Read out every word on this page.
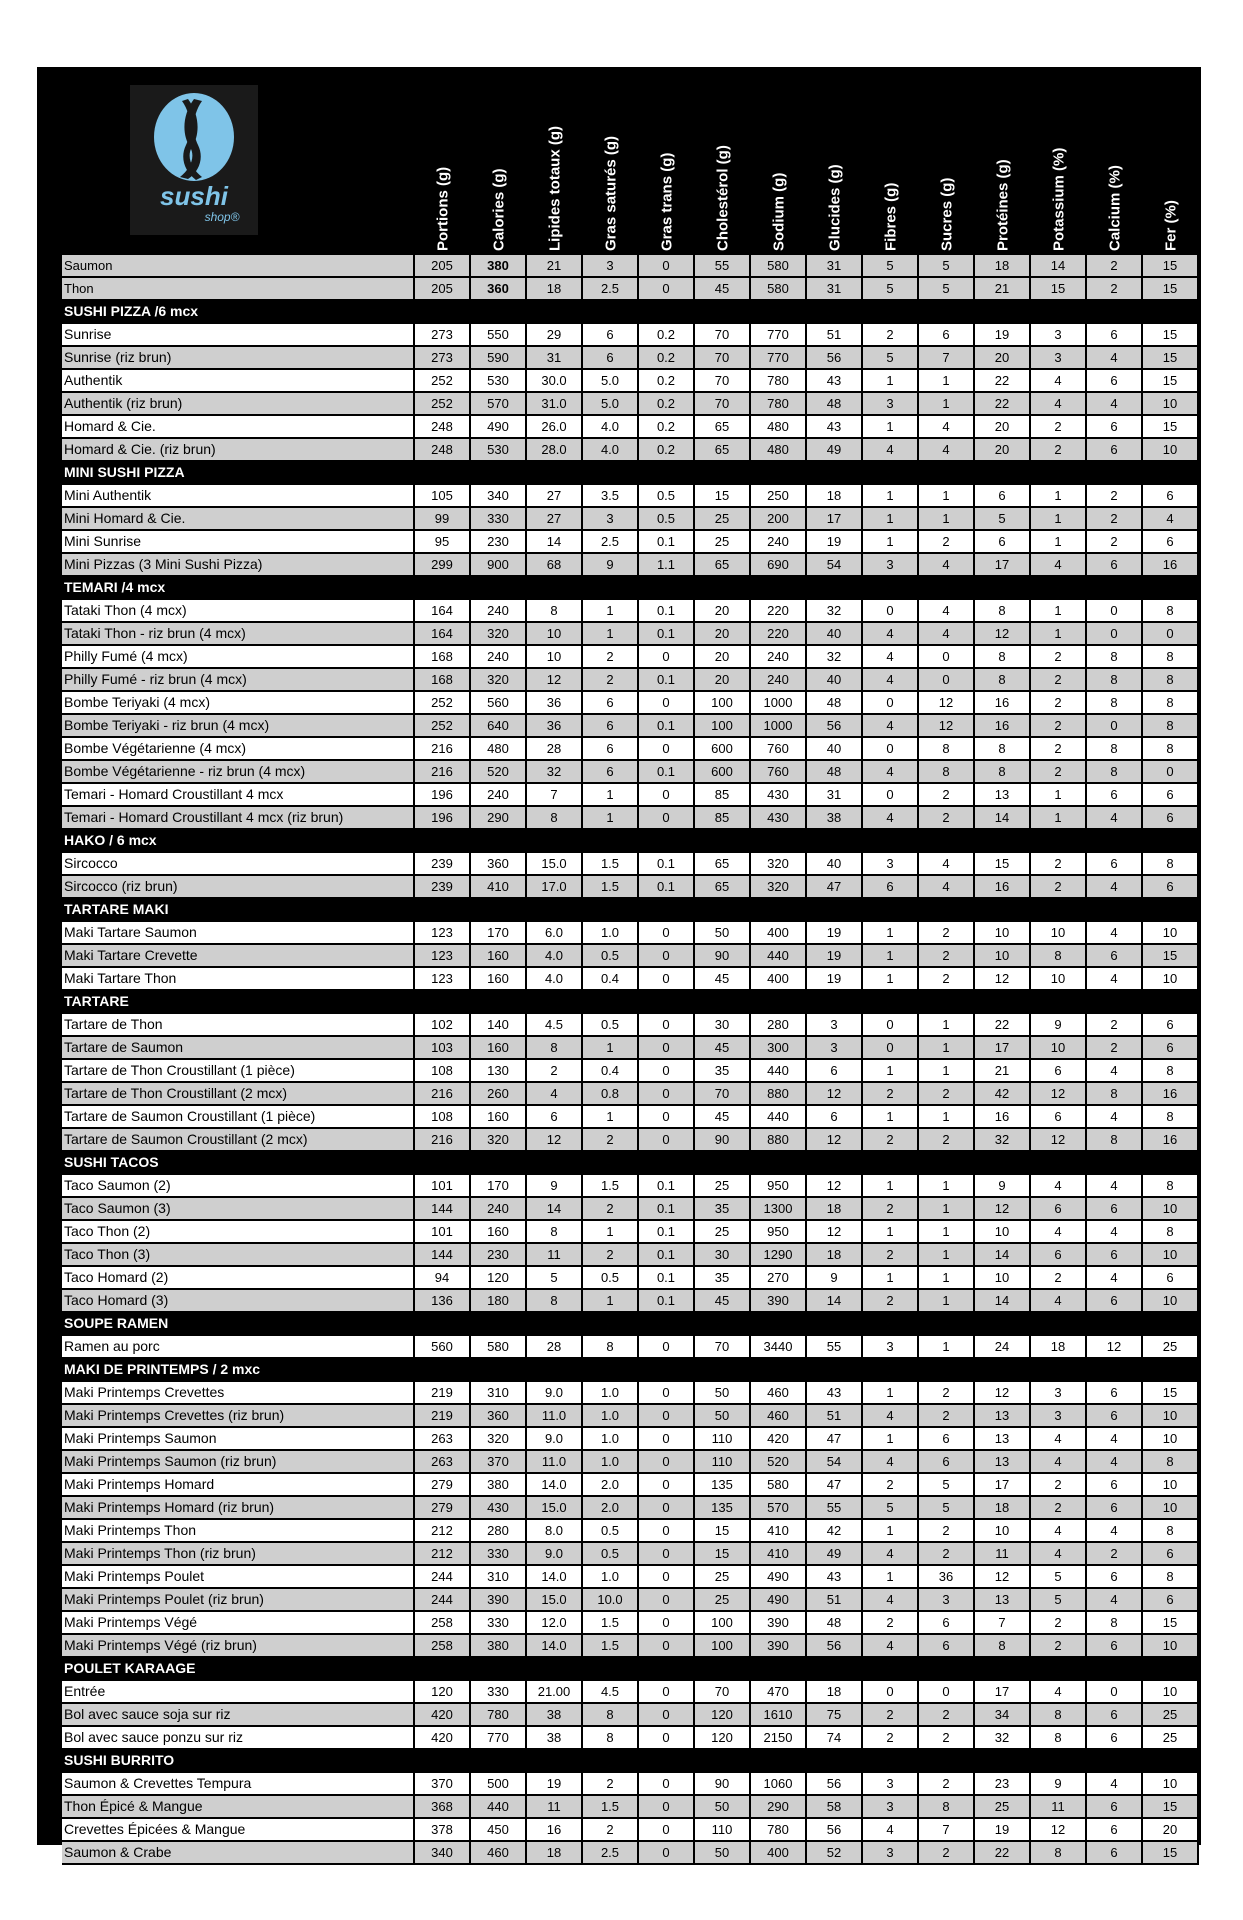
sushi
shop®	Portions (g)	Calories (g)	Lipides totaux (g)	Gras saturés (g)	Gras trans (g)	Cholestérol (g)	Sodium (g)	Glucides (g)	Fibres (g)	Sucres (g)	Protéines (g)	Potassium (%)	Calcium (%)	Fer (%)
Saumon	205	380	21	3	0	55	580	31	5	5	18	14	2	15
Thon	205	360	18	2.5	0	45	580	31	5	5	21	15	2	15
SUSHI PIZZA /6 mcx														
Sunrise	273	550	29	6	0.2	70	770	51	2	6	19	3	6	15
Sunrise (riz brun)	273	590	31	6	0.2	70	770	56	5	7	20	3	4	15
Authentik	252	530	30.0	5.0	0.2	70	780	43	1	1	22	4	6	15
Authentik (riz brun)	252	570	31.0	5.0	0.2	70	780	48	3	1	22	4	4	10
Homard & Cie.	248	490	26.0	4.0	0.2	65	480	43	1	4	20	2	6	15
Homard & Cie. (riz brun)	248	530	28.0	4.0	0.2	65	480	49	4	4	20	2	6	10
MINI SUSHI PIZZA														
Mini Authentik	105	340	27	3.5	0.5	15	250	18	1	1	6	1	2	6
Mini Homard & Cie.	99	330	27	3	0.5	25	200	17	1	1	5	1	2	4
Mini Sunrise	95	230	14	2.5	0.1	25	240	19	1	2	6	1	2	6
Mini Pizzas (3 Mini Sushi Pizza)	299	900	68	9	1.1	65	690	54	3	4	17	4	6	16
TEMARI /4 mcx														
Tataki Thon (4 mcx)	164	240	8	1	0.1	20	220	32	0	4	8	1	0	8
Tataki Thon - riz brun (4 mcx)	164	320	10	1	0.1	20	220	40	4	4	12	1	0	0
Philly Fumé (4 mcx)	168	240	10	2	0	20	240	32	4	0	8	2	8	8
Philly Fumé - riz brun (4 mcx)	168	320	12	2	0.1	20	240	40	4	0	8	2	8	8
Bombe Teriyaki (4 mcx)	252	560	36	6	0	100	1000	48	0	12	16	2	8	8
Bombe Teriyaki - riz brun (4 mcx)	252	640	36	6	0.1	100	1000	56	4	12	16	2	0	8
Bombe Végétarienne (4 mcx)	216	480	28	6	0	600	760	40	0	8	8	2	8	8
Bombe Végétarienne - riz brun (4 mcx)	216	520	32	6	0.1	600	760	48	4	8	8	2	8	0
Temari - Homard Croustillant 4 mcx	196	240	7	1	0	85	430	31	0	2	13	1	6	6
Temari - Homard Croustillant 4 mcx (riz brun)	196	290	8	1	0	85	430	38	4	2	14	1	4	6
HAKO / 6 mcx														
Sircocco	239	360	15.0	1.5	0.1	65	320	40	3	4	15	2	6	8
Sircocco (riz brun)	239	410	17.0	1.5	0.1	65	320	47	6	4	16	2	4	6
TARTARE MAKI														
Maki Tartare Saumon	123	170	6.0	1.0	0	50	400	19	1	2	10	10	4	10
Maki Tartare Crevette	123	160	4.0	0.5	0	90	440	19	1	2	10	8	6	15
Maki Tartare Thon	123	160	4.0	0.4	0	45	400	19	1	2	12	10	4	10
TARTARE														
Tartare de Thon	102	140	4.5	0.5	0	30	280	3	0	1	22	9	2	6
Tartare de Saumon	103	160	8	1	0	45	300	3	0	1	17	10	2	6
Tartare de Thon Croustillant (1 pièce)	108	130	2	0.4	0	35	440	6	1	1	21	6	4	8
Tartare de Thon Croustillant (2 mcx)	216	260	4	0.8	0	70	880	12	2	2	42	12	8	16
Tartare de Saumon Croustillant (1 pièce)	108	160	6	1	0	45	440	6	1	1	16	6	4	8
Tartare de Saumon Croustillant (2 mcx)	216	320	12	2	0	90	880	12	2	2	32	12	8	16
SUSHI TACOS														
Taco Saumon (2)	101	170	9	1.5	0.1	25	950	12	1	1	9	4	4	8
Taco Saumon (3)	144	240	14	2	0.1	35	1300	18	2	1	12	6	6	10
Taco Thon (2)	101	160	8	1	0.1	25	950	12	1	1	10	4	4	8
Taco Thon (3)	144	230	11	2	0.1	30	1290	18	2	1	14	6	6	10
Taco Homard (2)	94	120	5	0.5	0.1	35	270	9	1	1	10	2	4	6
Taco Homard (3)	136	180	8	1	0.1	45	390	14	2	1	14	4	6	10
SOUPE RAMEN														
Ramen au porc	560	580	28	8	0	70	3440	55	3	1	24	18	12	25
MAKI DE PRINTEMPS / 2 mxc														
Maki Printemps Crevettes	219	310	9.0	1.0	0	50	460	43	1	2	12	3	6	15
Maki Printemps Crevettes (riz brun)	219	360	11.0	1.0	0	50	460	51	4	2	13	3	6	10
Maki Printemps Saumon	263	320	9.0	1.0	0	110	420	47	1	6	13	4	4	10
Maki Printemps Saumon (riz brun)	263	370	11.0	1.0	0	110	520	54	4	6	13	4	4	8
Maki Printemps Homard	279	380	14.0	2.0	0	135	580	47	2	5	17	2	6	10
Maki Printemps Homard (riz brun)	279	430	15.0	2.0	0	135	570	55	5	5	18	2	6	10
Maki Printemps Thon	212	280	8.0	0.5	0	15	410	42	1	2	10	4	4	8
Maki Printemps Thon (riz brun)	212	330	9.0	0.5	0	15	410	49	4	2	11	4	2	6
Maki Printemps Poulet	244	310	14.0	1.0	0	25	490	43	1	36	12	5	6	8
Maki Printemps Poulet (riz brun)	244	390	15.0	10.0	0	25	490	51	4	3	13	5	4	6
Maki Printemps Végé	258	330	12.0	1.5	0	100	390	48	2	6	7	2	8	15
Maki Printemps Végé (riz brun)	258	380	14.0	1.5	0	100	390	56	4	6	8	2	6	10
POULET KARAAGE														
Entrée	120	330	21.00	4.5	0	70	470	18	0	0	17	4	0	10
Bol avec sauce soja sur riz	420	780	38	8	0	120	1610	75	2	2	34	8	6	25
Bol avec sauce ponzu sur riz	420	770	38	8	0	120	2150	74	2	2	32	8	6	25
SUSHI BURRITO														
Saumon & Crevettes Tempura	370	500	19	2	0	90	1060	56	3	2	23	9	4	10
Thon Épicé & Mangue	368	440	11	1.5	0	50	290	58	3	8	25	11	6	15
Crevettes Épicées & Mangue	378	450	16	2	0	110	780	56	4	7	19	12	6	20
Saumon & Crabe	340	460	18	2.5	0	50	400	52	3	2	22	8	6	15
